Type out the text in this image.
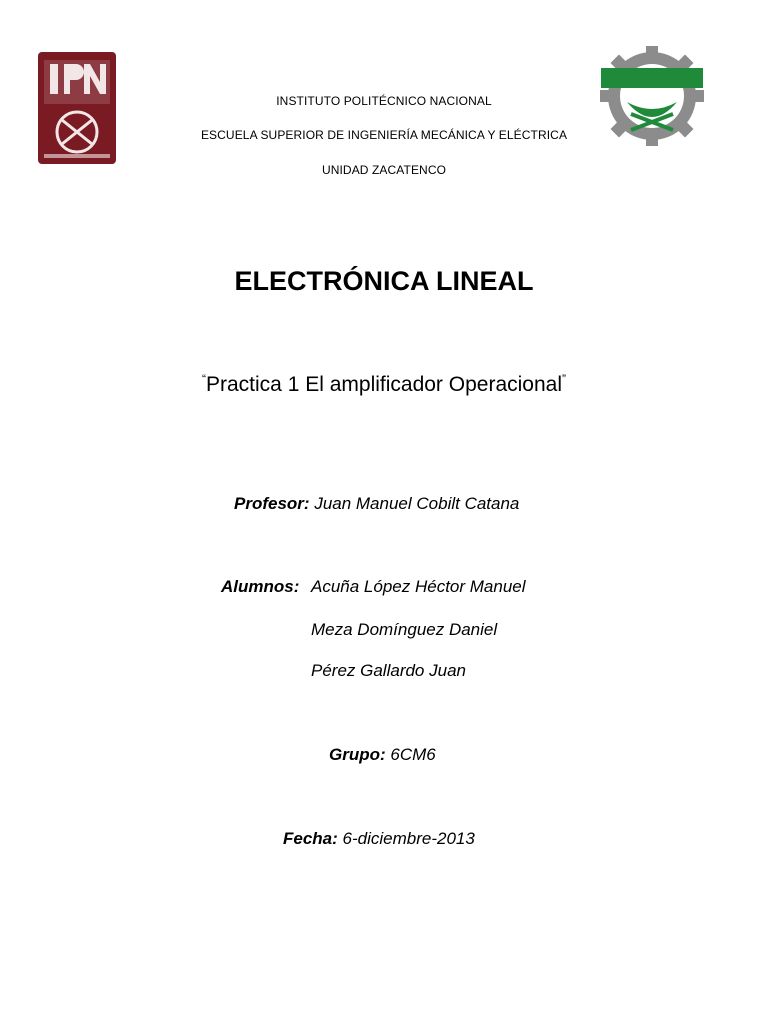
INSTITUTO POLITÉCNICO NACIONAL
ESCUELA SUPERIOR DE INGENIERÍA MECÁNICA Y ELÉCTRICA
UNIDAD ZACATENCO
ELECTRÓNICA LINEAL
“Practica 1 El amplificador Operacional”
Profesor: Juan Manuel Cobilt Catana
Alumnos: Acuña López Héctor Manuel
Meza Domínguez Daniel
Pérez Gallardo Juan
Grupo: 6CM6
Fecha: 6-diciembre-2013
